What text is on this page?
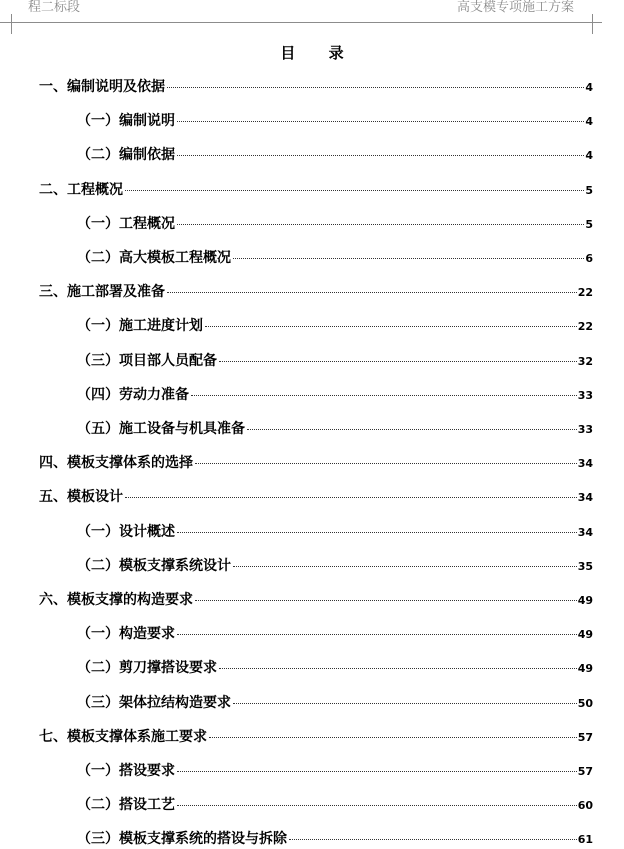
程二标段	高支模专项施工方案
目 录
一、编制说明及依据	4
（一）编制说明	4
（二）编制依据	4
二、工程概况	5
（一）工程概况	5
（二）高大模板工程概况	6
三、施工部署及准备	22
（一）施工进度计划	22
（三）项目部人员配备	32
（四）劳动力准备	33
（五）施工设备与机具准备	33
四、模板支撑体系的选择	34
五、模板设计	34
（一）设计概述	34
（二）模板支撑系统设计	35
六、模板支撑的构造要求	49
（一）构造要求	49
（二）剪刀撑搭设要求	49
（三）架体拉结构造要求	50
七、模板支撑体系施工要求	57
（一）搭设要求	57
（二）搭设工艺	60
（三）模板支撑系统的搭设与拆除	61
